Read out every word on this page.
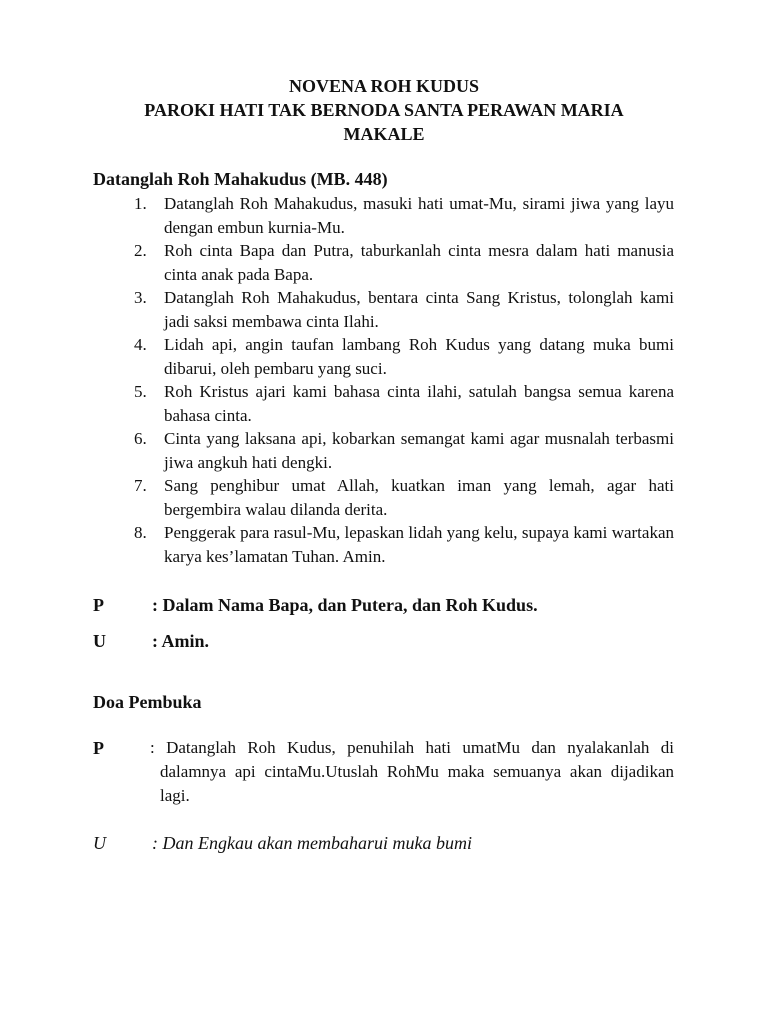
NOVENA ROH KUDUS
PAROKI HATI TAK BERNODA SANTA PERAWAN MARIA
MAKALE
Datanglah Roh Mahakudus (MB. 448)
1. Datanglah Roh Mahakudus, masuki hati umat-Mu, sirami jiwa yang layu dengan embun kurnia-Mu.
2. Roh cinta Bapa dan Putra, taburkanlah cinta mesra dalam hati manusia cinta anak pada Bapa.
3. Datanglah Roh Mahakudus, bentara cinta Sang Kristus, tolonglah kami jadi saksi membawa cinta Ilahi.
4. Lidah api, angin taufan lambang Roh Kudus yang datang muka bumi dibarui, oleh pembaru yang suci.
5. Roh Kristus ajari kami bahasa cinta ilahi, satulah bangsa semua karena bahasa cinta.
6. Cinta yang laksana api, kobarkan semangat kami agar musnalah terbasmi jiwa angkuh hati dengki.
7. Sang penghibur umat Allah, kuatkan iman yang lemah, agar hati bergembira walau dilanda derita.
8. Penggerak para rasul-Mu, lepaskan lidah yang kelu, supaya kami wartakan karya kes’lamatan Tuhan. Amin.
P	: Dalam Nama Bapa, dan Putera, dan Roh Kudus.
U	: Amin.
Doa Pembuka
P	: Datanglah Roh Kudus, penuhilah hati umatMu dan nyalakanlah di dalamnya api cintaMu.Utuslah RohMu maka semuanya akan dijadikan lagi.
U	: Dan Engkau akan membaharui muka bumi
